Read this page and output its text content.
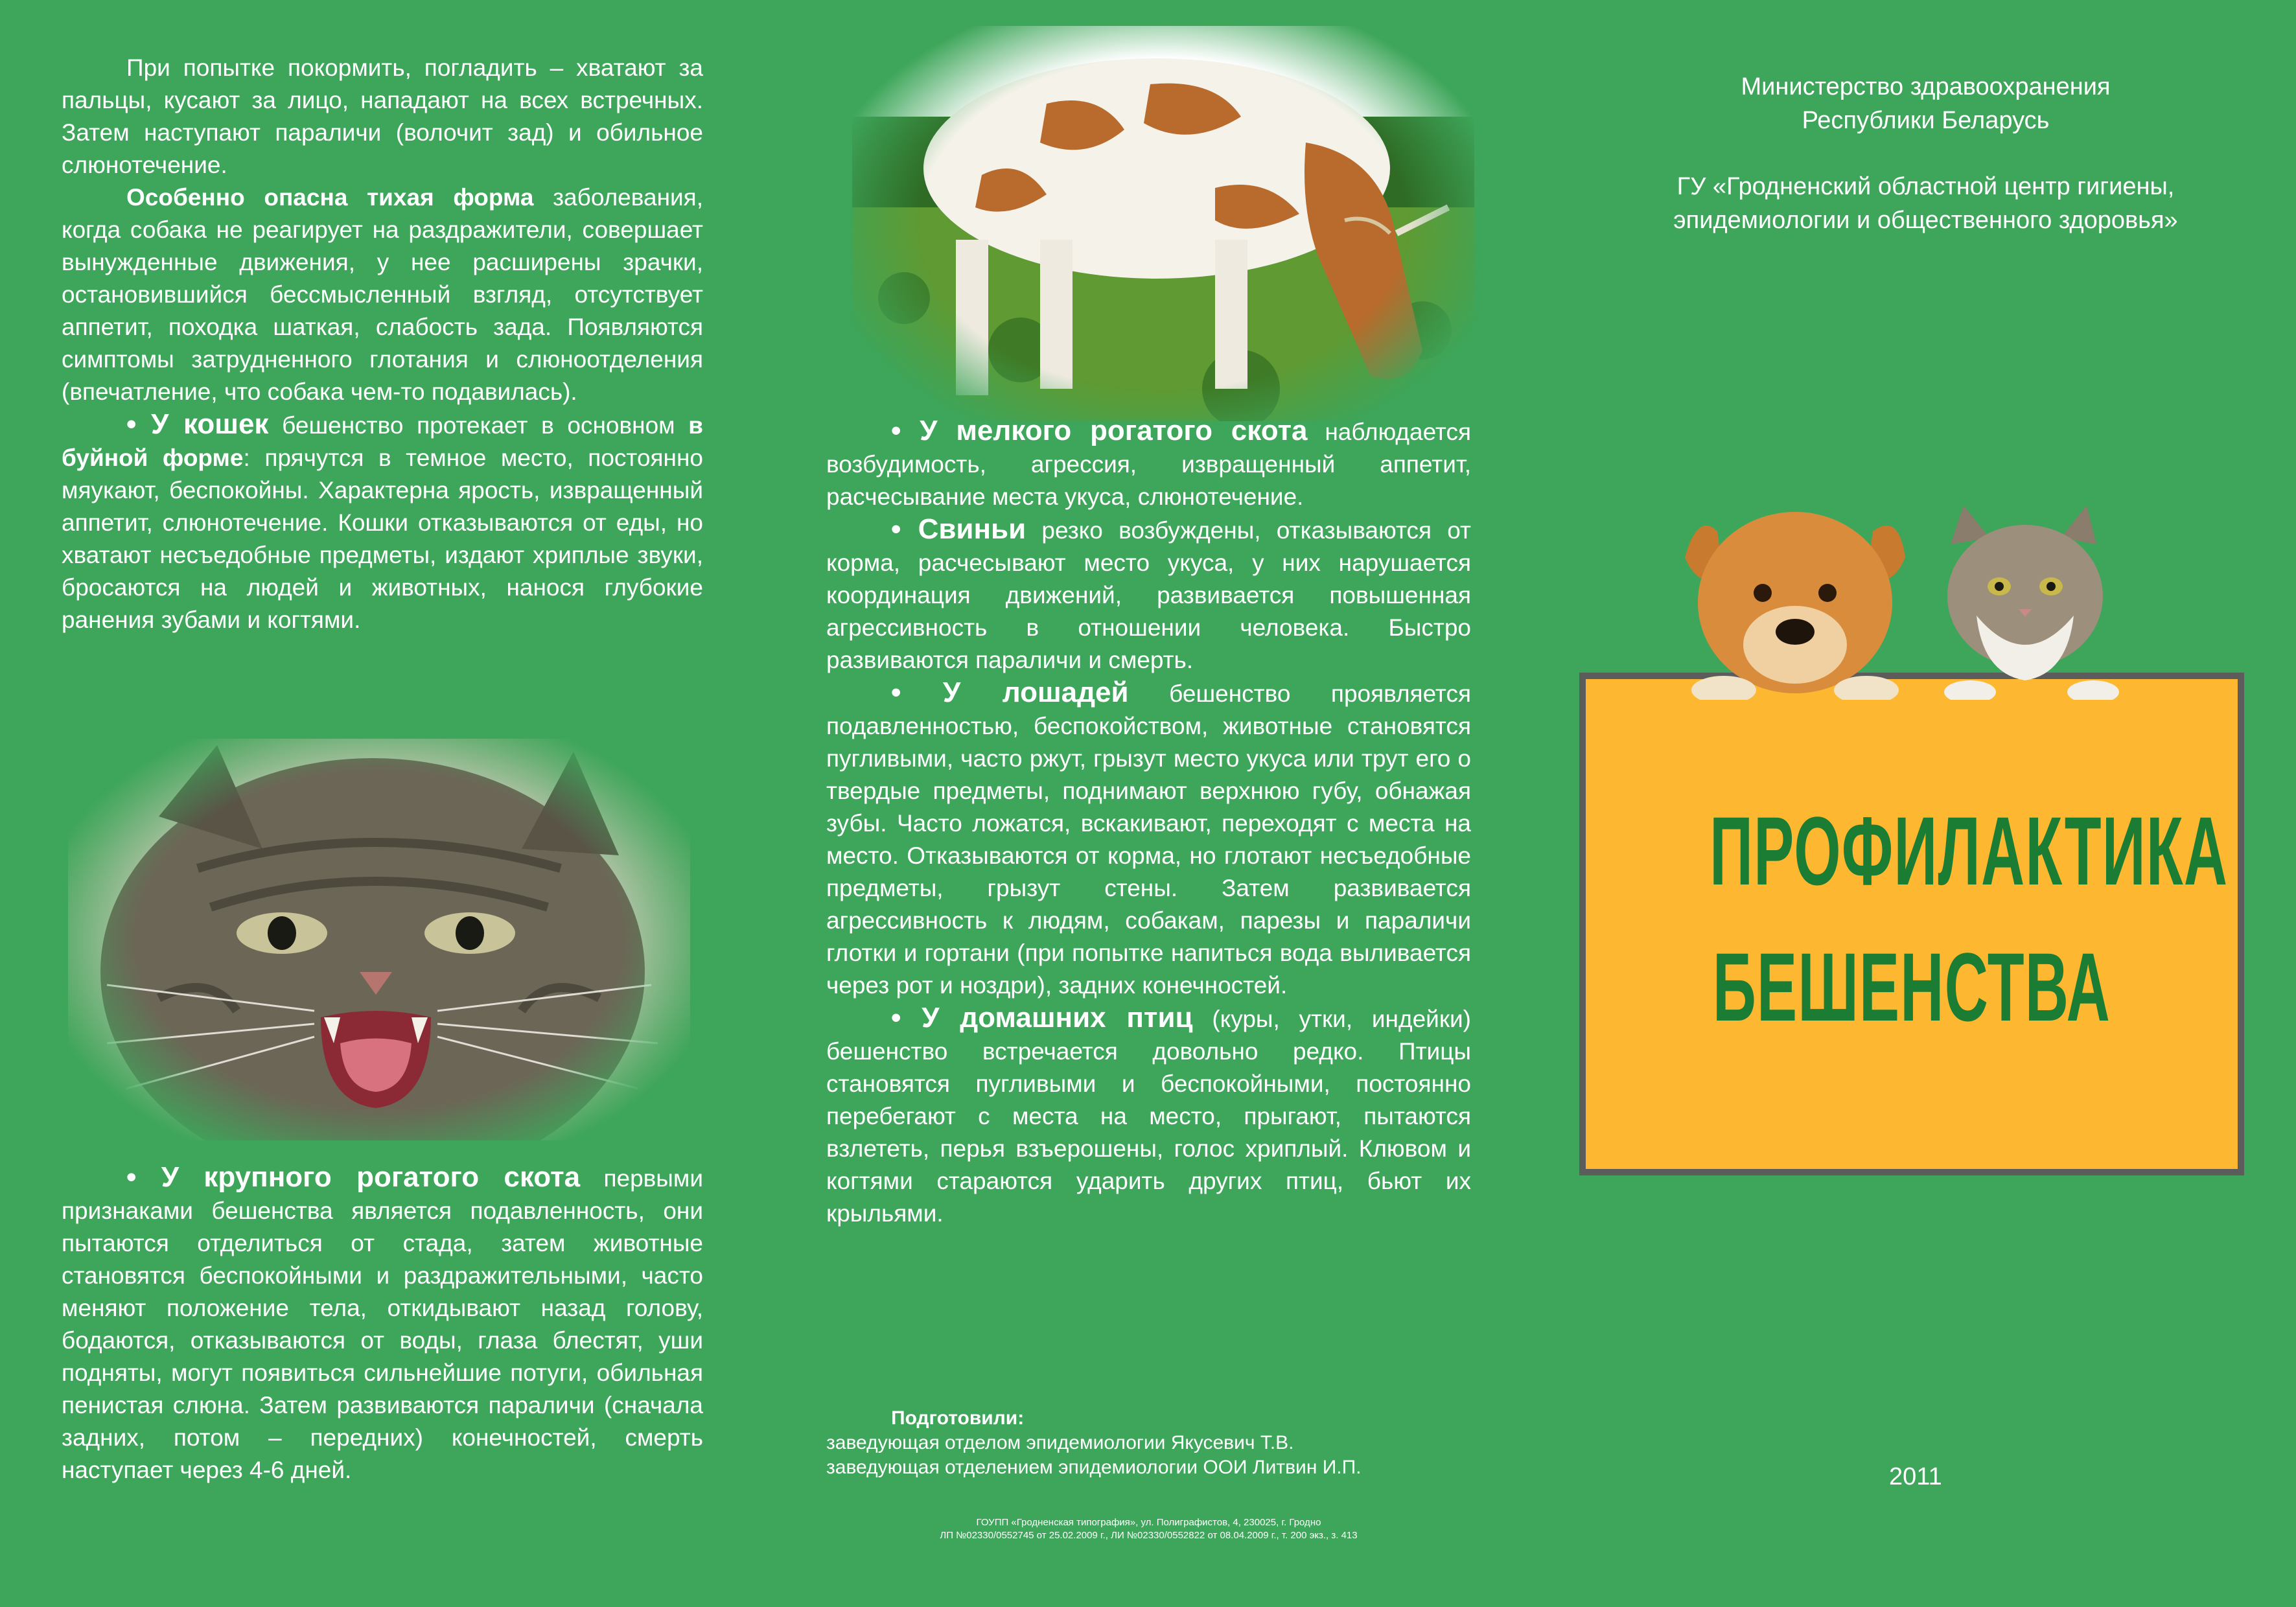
При попытке покормить, погладить – хватают за пальцы, кусают за лицо, нападают на всех встречных. Затем наступают параличи (волочит зад) и обильное слюнотечение.

Особенно опасна тихая форма заболевания, когда собака не реагирует на раздражители, совершает вынужденные движения, у нее расширены зрачки, остановившийся бессмысленный взгляд, отсутствует аппетит, походка шаткая, слабость зада. Появляются симптомы затрудненного глотания и слюноотделения (впечатление, что собака чем-то подавилась).

• У кошек бешенство протекает в основном в буйной форме: прячутся в темное место, постоянно мяукают, беспокойны. Характерна ярость, извращенный аппетит, слюнотечение. Кошки отказываются от еды, но хватают несъедобные предметы, издают хриплые звуки, бросаются на людей и животных, нанося глубокие ранения зубами и когтями.

• У крупного рогатого скота первыми признаками бешенства является подавленность, они пытаются отделиться от стада, затем животные становятся беспокойными и раздражительными, часто меняют положение тела, откидывают назад голову, бодаются, отказываются от воды, глаза блестят, уши подняты, могут появиться сильнейшие потуги, обильная пенистая слюна. Затем развиваются параличи (сначала задних, потом – передних) конечностей, смерть наступает через 4-6 дней.

• У мелкого рогатого скота наблюдается возбудимость, агрессия, извращенный аппетит, расчесывание места укуса, слюнотечение.

• Свиньи резко возбуждены, отказываются от корма, расчесывают место укуса, у них нарушается координация движений, развивается повышенная агрессивность в отношении человека. Быстро развиваются параличи и смерть.

• У лошадей бешенство проявляется подавленностью, беспокойством, животные становятся пугливыми, часто ржут, грызут место укуса или трут его о твердые предметы, поднимают верхнюю губу, обнажая зубы. Часто ложатся, вскакивают, переходят с места на место. Отказываются от корма, но глотают несъедобные предметы, грызут стены. Затем развивается агрессивность к людям, собакам, парезы и параличи глотки и гортани (при попытке напиться вода выливается через рот и ноздри), задних конечностей.

• У домашних птиц (куры, утки, индейки) бешенство встречается довольно редко. Птицы становятся пугливыми и беспокойными, постоянно перебегают с места на место, прыгают, пытаются взлететь, перья взъерошены, голос хриплый. Клювом и когтями стараются ударить других птиц, бьют их крыльями.

Подготовили:
заведующая отделом эпидемиологии Якусевич Т.В.
заведующая отделением эпидемиологии ООИ Литвин И.П.
ГОУПП «Гродненская типография», ул. Полиграфистов, 4, 230025, г. Гродно
ЛП №02330/0552745 от 25.02.2009 г., ЛИ №02330/0552822 от 08.04.2009 г., т. 200 экз., з. 413
Министерство здравоохранения
Республики Беларусь
ГУ «Гродненский областной центр гигиены,
эпидемиологии и общественного здоровья»
2011
ПРОФИЛАКТИКА
БЕШЕНСТВА
